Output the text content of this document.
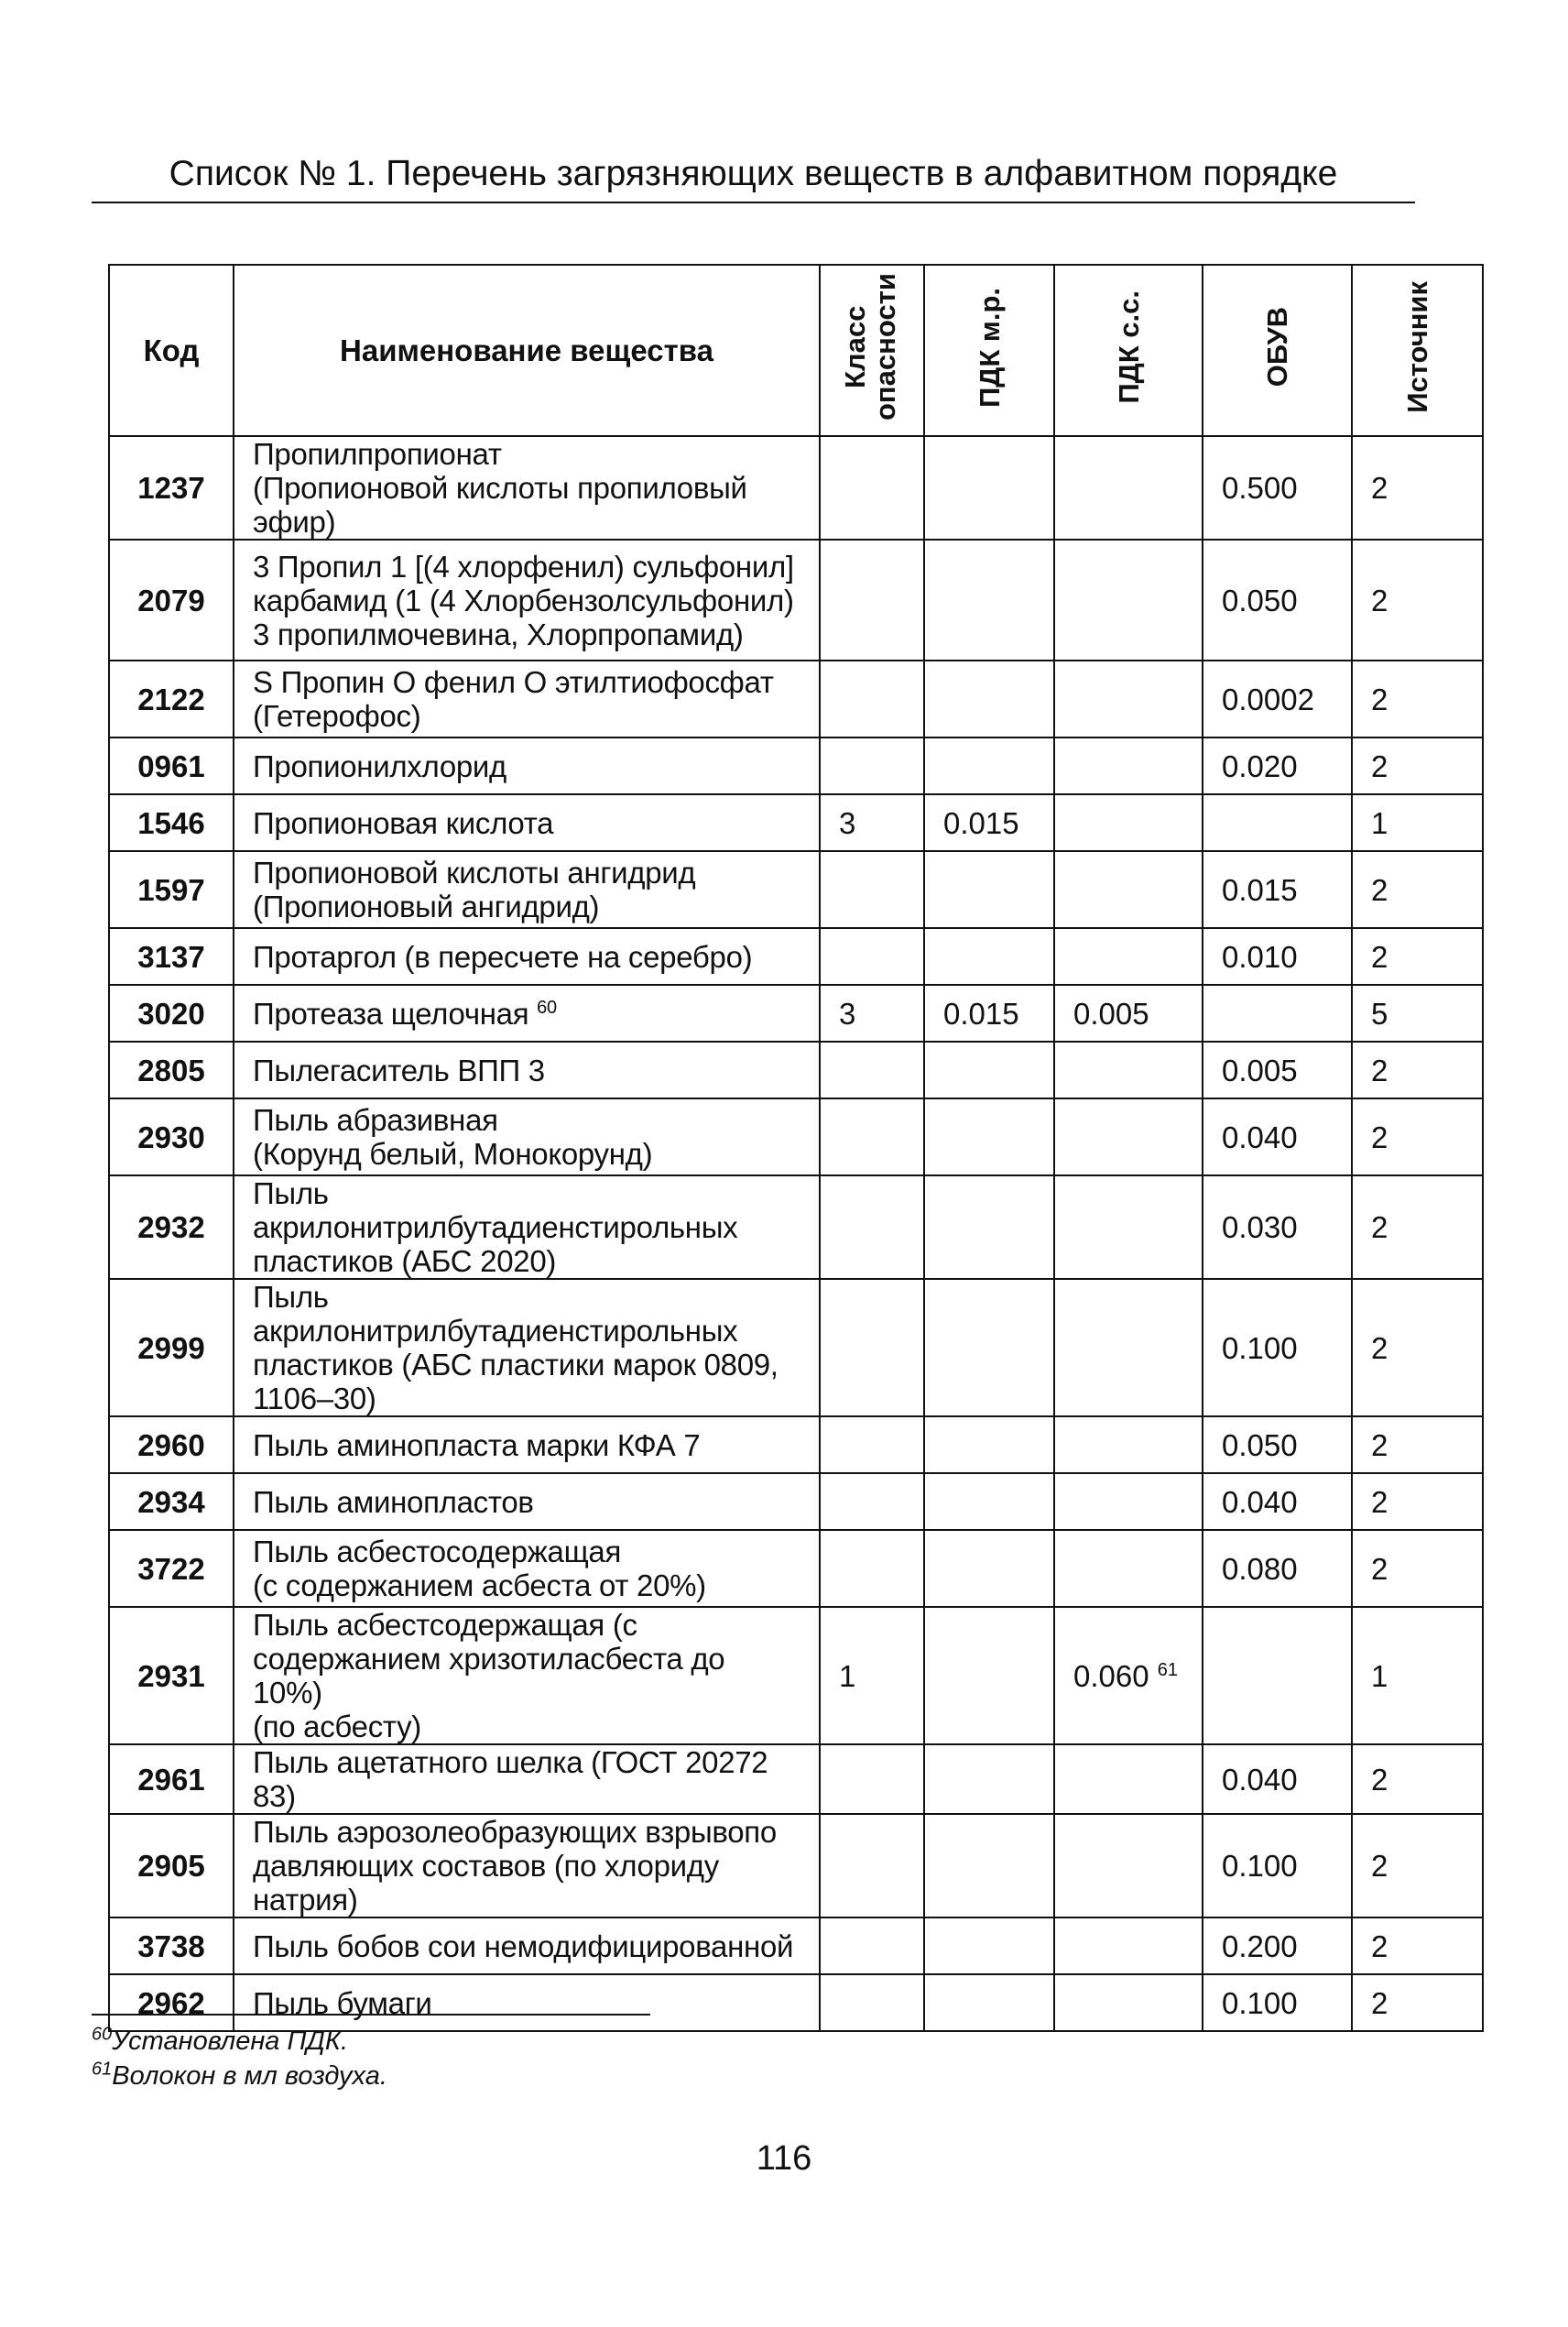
Список № 1. Перечень загрязняющих веществ в алфавитном порядке
Код	Наименование вещества	Класс опасности	ПДК м.р.	ПДК с.с.	ОБУВ	Источник
1237	Пропилпропионат
(Пропионовой кислоты пропиловый эфир)				0.500	2
2079	3 Пропил 1 [(4 хлорфенил) сульфонил]
карбамид (1 (4 Хлорбензолсульфонил)
3 пропилмочевина, Хлорпропамид)				0.050	2
2122	S Пропин О фенил О этилтиофосфат
(Гетерофос)				0.0002	2
0961	Пропионилхлорид				0.020	2
1546	Пропионовая кислота	3	0.015			1
1597	Пропионовой кислоты ангидрид
(Пропионовый ангидрид)				0.015	2
3137	Протаргол (в пересчете на серебро)				0.010	2
3020	Протеаза щелочная $^{60}$	3	0.015	0.005		5
2805	Пылегаситель ВПП 3				0.005	2
2930	Пыль абразивная
(Корунд белый, Монокорунд)				0.040	2
2932	Пыль акрилонитрилбутадиенстирольных
пластиков (АБС 2020)				0.030	2
2999	Пыль акрилонитрилбутадиенстирольных
пластиков (АБС пластики марок 0809,
1106–30)				0.100	2
2960	Пыль аминопласта марки КФА 7				0.050	2
2934	Пыль аминопластов				0.040	2
3722	Пыль асбестосодержащая
(с содержанием асбеста от 20%)				0.080	2
2931	Пыль асбестсодержащая (с
содержанием хризотиласбеста до 10%)
(по асбесту)	1		0.060 $^{61}$		1
2961	Пыль ацетатного шелка (ГОСТ 20272 83)				0.040	2
2905	Пыль аэрозолеобразующих взрывопо
давляющих составов (по хлориду натрия)				0.100	2
3738	Пыль бобов сои немодифицированной				0.200	2
2962	Пыль бумаги				0.100	2
$^{60}$Установлена ПДК.
$^{61}$Волокон в мл воздуха.
116
